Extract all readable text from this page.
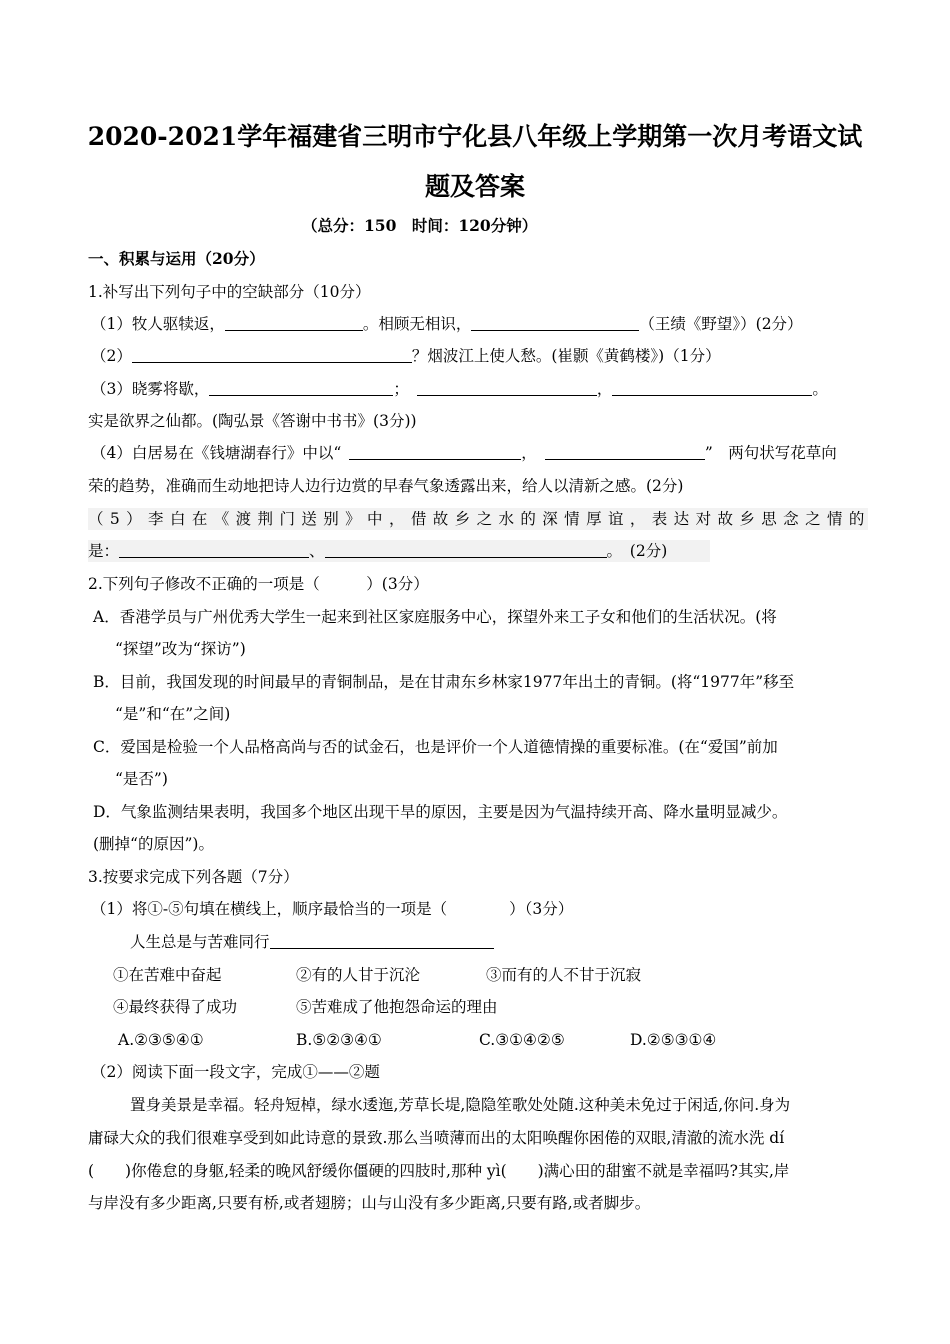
2020-2021学年福建省三明市宁化县八年级上学期第一次月考语文试
题及答案
（总分：150　时间：120分钟）
一、积累与运用（20分）
1.补写出下列句子中的空缺部分（10分）
（1）牧人驱犊返，	。相顾无相识，	（王绩《野望》）(2分）
（2）	？烟波江上使人愁。(崔颢《黄鹤楼》)（1分）
（3）晓雾将歇，	；	，	。
实是欲界之仙都。(陶弘景《答谢中书书》(3分))
（4）白居易在《钱塘湖春行》中以“	，	”　两句状写花草向
荣的趋势，准确而生动地把诗人边行边赏的早春气象透露出来，给人以清新之感。(2分)
（5）李白在《渡荆门送别》中，借故乡之水的深情厚谊，表达对故乡思念之情的
是：	、	。　(2分)
2.下列句子修改不正确的一项是（　　　）(3分）
A．香港学员与广州优秀大学生一起来到社区家庭服务中心，探望外来工子女和他们的生活状况。(将
“探望”改为“探访”)
B．目前，我国发现的时间最早的青铜制品，是在甘肃东乡林家1977年出土的青铜。(将“1977年”移至
“是”和“在”之间)
C．爱国是检验一个人品格高尚与否的试金石，也是评价一个人道德情操的重要标准。(在“爱国”前加
“是否”)
D．气象监测结果表明，我国多个地区出现干旱的原因，主要是因为气温持续开高、降水量明显减少。
(删掉“的原因”)。
3.按要求完成下列各题（7分）
（1）将①-⑤句填在横线上，顺序最恰当的一项是（　　　　）（3分）
人生总是与苦难同行
①在苦难中奋起	②有的人甘于沉沦	③而有的人不甘于沉寂
④最终获得了成功	⑤苦难成了他抱怨命运的理由
A.②③⑤④①	B.⑤②③④①	C.③①④②⑤	D.②⑤③①④
（2）阅读下面一段文字，完成①——②题
置身美景是幸福。轻舟短棹，绿水逶迤,芳草长堤,隐隐笙歌处处随.这种美未免过于闲适,你问.身为
庸碌大众的我们很难享受到如此诗意的景致.那么当喷薄而出的太阳唤醒你困倦的双眼,清澈的流水洗 dí
(　　)你倦怠的身躯,轻柔的晚风舒缓你僵硬的四肢时,那种 yì(　　)满心田的甜蜜不就是幸福吗?其实,岸
与岸没有多少距离,只要有桥,或者翅膀；山与山没有多少距离,只要有路,或者脚步。
